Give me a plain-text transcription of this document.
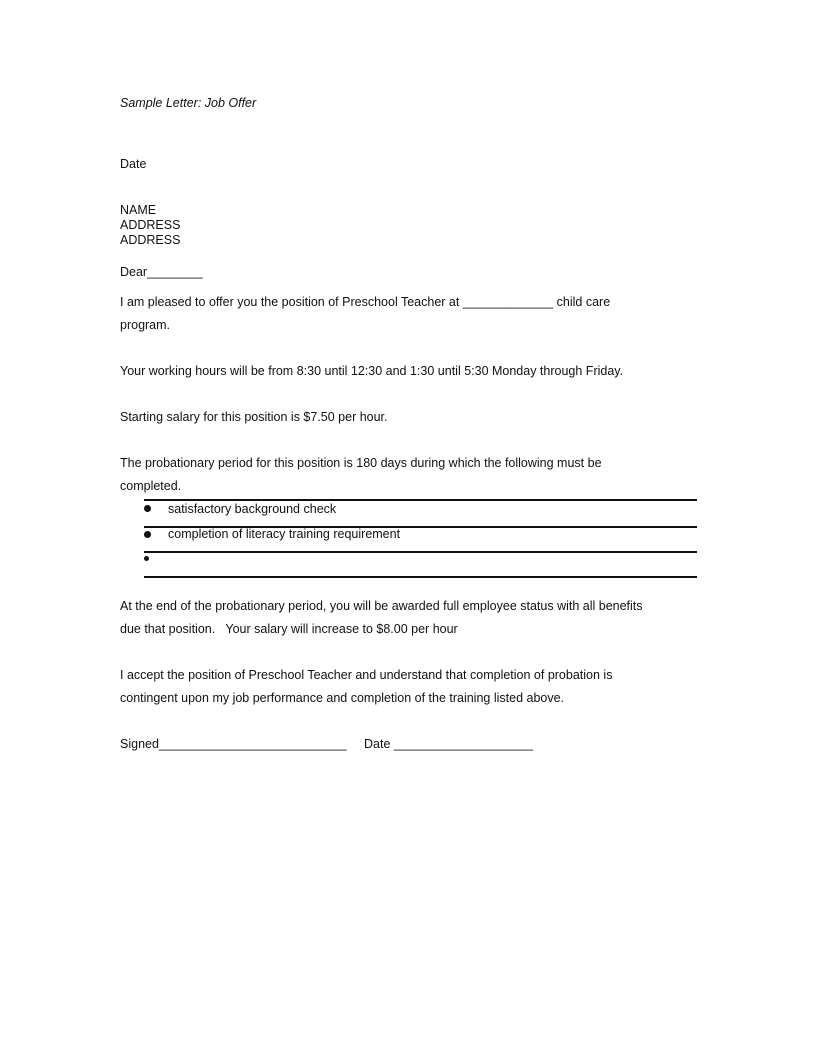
Sample Letter: Job Offer
Date
NAME
ADDRESS
ADDRESS
Dear________
I am pleased to offer you the position of Preschool Teacher at _____________ child care
program.
Your working hours will be from 8:30 until 12:30 and 1:30 until 5:30 Monday through Friday.
Starting salary for this position is $7.50 per hour.
The probationary period for this position is 180 days during which the following must be
completed.
satisfactory background check
completion of literacy training requirement
At the end of the probationary period, you will be awarded full employee status with all benefits
due that position.   Your salary will increase to $8.00 per hour
I accept the position of Preschool Teacher and understand that completion of probation is
contingent upon my job performance and completion of the training listed above.
Signed___________________________     Date ____________________
